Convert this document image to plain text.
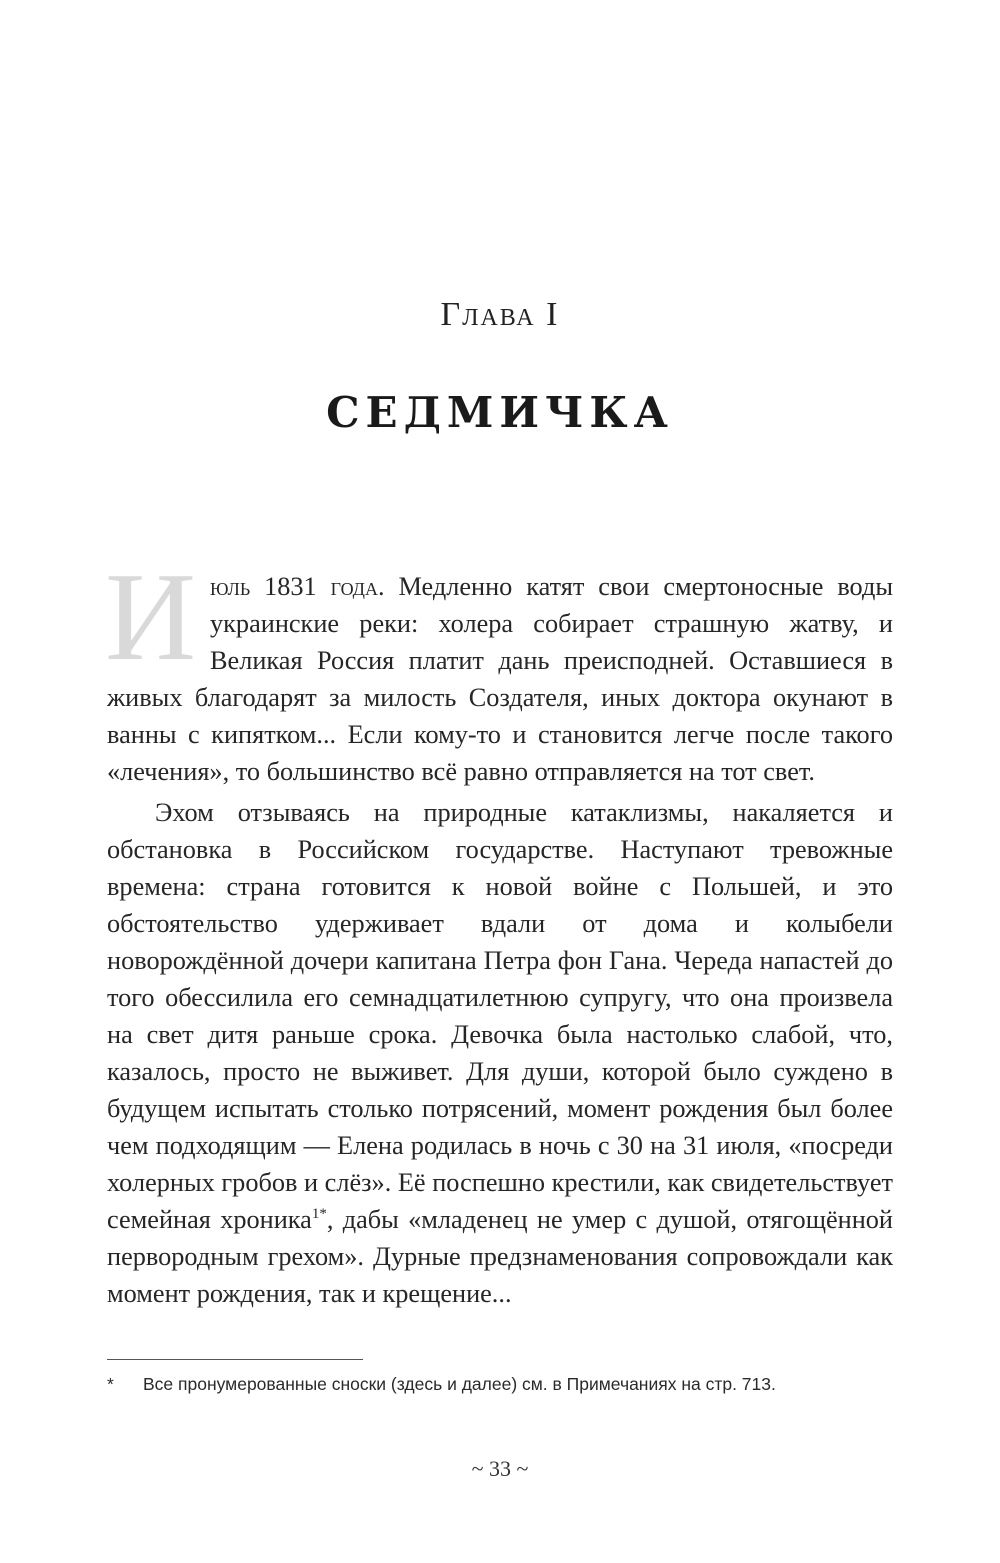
Глава I
СЕДМИЧКА

Июль 1831 года. Медленно катят свои смертоносные воды украинские реки: холера собирает страшную жатву, и Великая Россия платит дань преисподней. Оставшиеся в живых благодарят за милость Создателя, иных доктора окунают в ванны с кипятком... Если кому-то и становится легче после такого «лечения», то большинство всё равно отправляется на тот свет.

Эхом отзываясь на природные катаклизмы, накаляется и обстановка в Российском государстве. Наступают тревожные времена: страна готовится к новой войне с Польшей, и это обстоятельство удерживает вдали от дома и колыбели новорождённой дочери капитана Петра фон Гана. Череда напастей до того обессилила его семнадцатилетнюю супругу, что она произвела на свет дитя раньше срока. Девочка была настолько слабой, что, казалось, просто не выживет. Для души, которой было суждено в будущем испытать столько потрясений, момент рождения был более чем подходящим — Елена родилась в ночь с 30 на 31 июля, «посреди холерных гробов и слёз». Её поспешно крестили, как свидетельствует семейная хроника$^{1*}$, дабы «младенец не умер с душой, отягощённой первородным грехом». Дурные предзнаменования сопровождали как момент рождения, так и крещение...

* Все пронумерованные сноски (здесь и далее) см. в Примечаниях на стр. 713.
~ 33 ~
